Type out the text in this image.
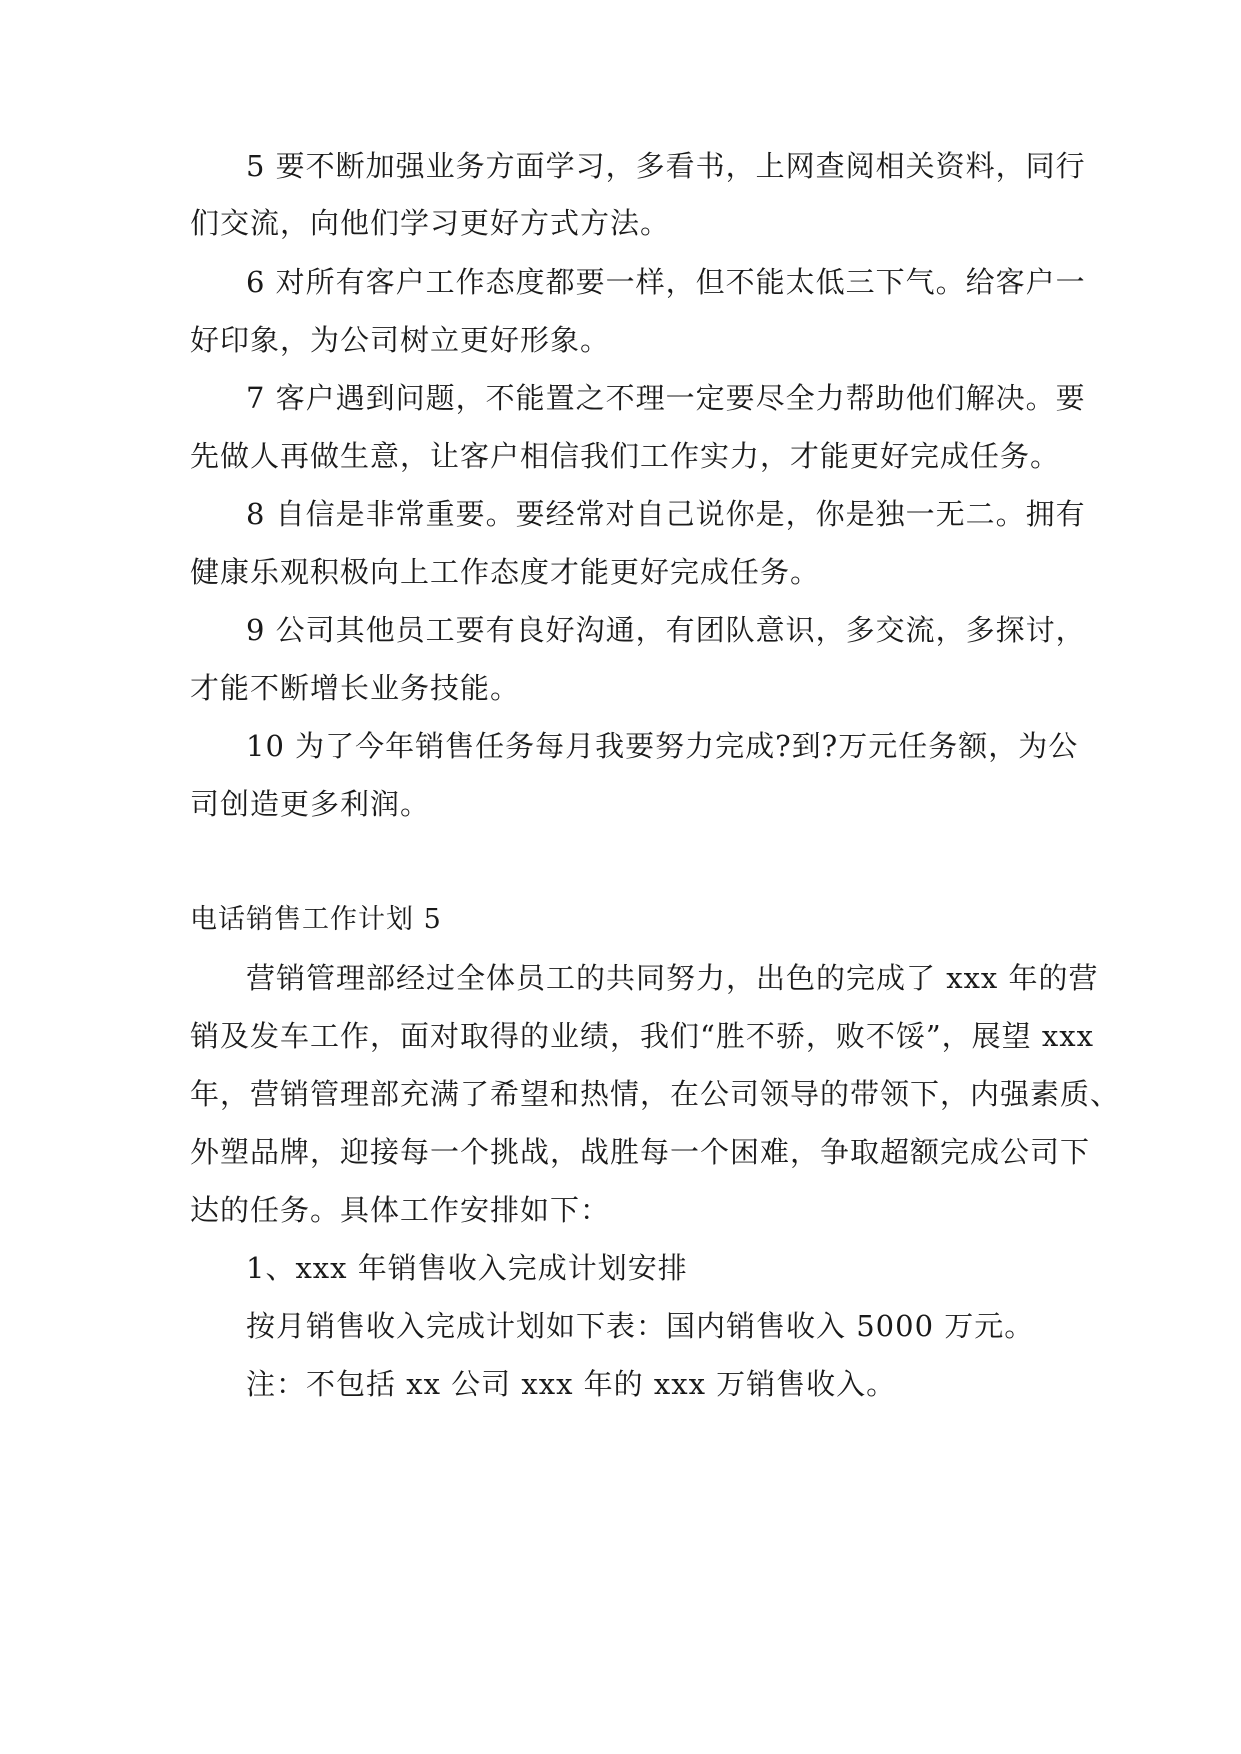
5 要不断加强业务方面学习，多看书，上网查阅相关资料，同行
们交流，向他们学习更好方式方法。
6 对所有客户工作态度都要一样，但不能太低三下气。给客户一
好印象，为公司树立更好形象。
7 客户遇到问题，不能置之不理一定要尽全力帮助他们解决。要
先做人再做生意，让客户相信我们工作实力，才能更好完成任务。
8 自信是非常重要。要经常对自己说你是，你是独一无二。拥有
健康乐观积极向上工作态度才能更好完成任务。
9 公司其他员工要有良好沟通，有团队意识，多交流，多探讨，
才能不断增长业务技能。
10 为了今年销售任务每月我要努力完成?到?万元任务额，为公
司创造更多利润。
电话销售工作计划 5
营销管理部经过全体员工的共同努力，出色的完成了 xxx 年的营
销及发车工作，面对取得的业绩，我们“胜不骄，败不馁”，展望 xxx
年，营销管理部充满了希望和热情，在公司领导的带领下，内强素质、
外塑品牌，迎接每一个挑战，战胜每一个困难，争取超额完成公司下
达的任务。具体工作安排如下：
1、xxx 年销售收入完成计划安排
按月销售收入完成计划如下表：国内销售收入 5000 万元。
注：不包括 xx 公司 xxx 年的 xxx 万销售收入。
